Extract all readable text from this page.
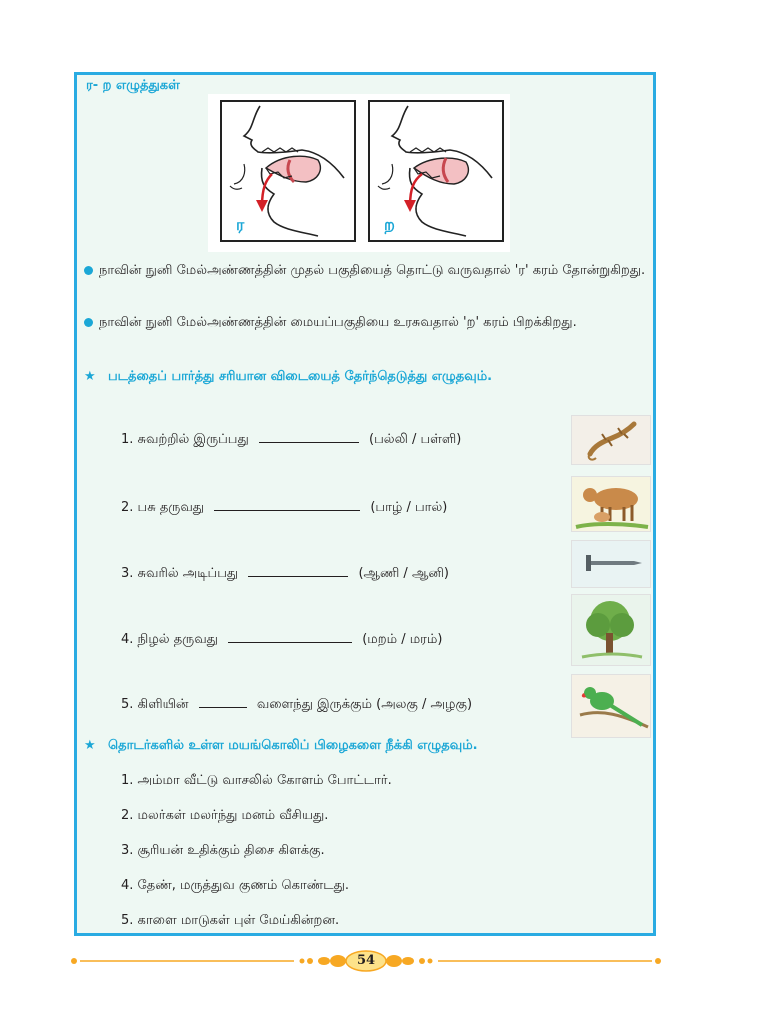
ர- ற எழுத்துகள்
ர	ற
நாவின் நுனி மேல்அண்ணத்தின் முதல் பகுதியைத் தொட்டு வருவதால் 'ர' கரம் தோன்றுகிறது.
நாவின் நுனி மேல்அண்ணத்தின் மையப்பகுதியை உரசுவதால் 'ற' கரம் பிறக்கிறது.
★ படத்தைப் பார்த்து சரியான விடையைத் தேர்ந்தெடுத்து எழுதவும்.
1. சுவற்றில் இருப்பது	(பல்லி / பள்ளி)
2. பசு தருவது	(பாழ் / பால்)
3. சுவரில் அடிப்பது	(ஆணி / ஆனி)
4. நிழல் தருவது	(மறம் / மரம்)
5. கிளியின்	வளைந்து இருக்கும் (அலகு / அழகு)
★ தொடர்களில் உள்ள மயங்கொலிப் பிழைகளை நீக்கி எழுதவும்.
1. அம்மா வீட்டு வாசலில் கோளம் போட்டார்.
2. மலர்கள் மலர்ந்து மனம் வீசியது.
3. சூரியன் உதிக்கும் திசை கிளக்கு.
4. தேண், மருத்துவ குணம் கொண்டது.
5. காளை மாடுகள் புள் மேய்கின்றன.
54
